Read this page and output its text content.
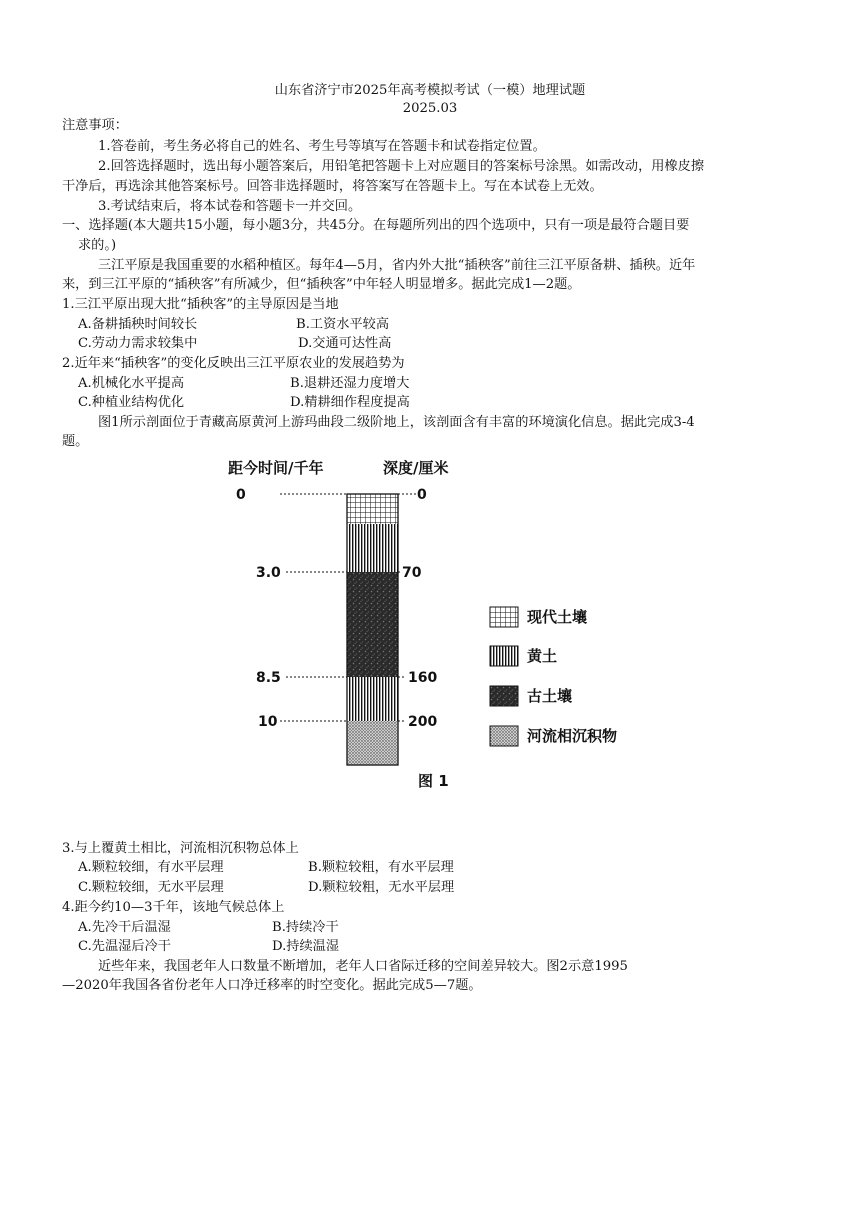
山东省济宁市2025年高考模拟考试（一模）地理试题
2025.03
注意事项：
1.答卷前，考生务必将自己的姓名、考生号等填写在答题卡和试卷指定位置。
2.回答选择题时，选出每小题答案后，用铅笔把答题卡上对应题目的答案标号涂黑。如需改动，用橡皮擦
干净后，再选涂其他答案标号。回答非选择题时，将答案写在答题卡上。写在本试卷上无效。
3.考试结束后，将本试卷和答题卡一并交回。
一、选择题(本大题共15小题，每小题3分，共45分。在每题所列出的四个选项中，只有一项是最符合题目要
求的。)
三江平原是我国重要的水稻种植区。每年4—5月，省内外大批“插秧客”前往三江平原备耕、插秧。近年
来，到三江平原的“插秧客”有所减少，但“插秧客”中年轻人明显增多。据此完成1—2题。
1.三江平原出现大批“插秧客”的主导原因是当地
A.备耕插秧时间较长	B.工资水平较高
C.劳动力需求较集中	D.交通可达性高
2.近年来“插秧客”的变化反映出三江平原农业的发展趋势为
A.机械化水平提高	B.退耕还湿力度增大
C.种植业结构优化	D.精耕细作程度提高
图1所示剖面位于青藏高原黄河上游玛曲段二级阶地上，该剖面含有丰富的环境演化信息。据此完成3-4
题。
距今时间/千年	深度/厘米
0
3.0
8.5
10
0
70
160
200
现代土壤
黄土
古土壤
河流相沉积物
图 1
3.与上覆黄土相比，河流相沉积物总体上
A.颗粒较细，有水平层理	B.颗粒较粗，有水平层理
C.颗粒较细，无水平层理	D.颗粒较粗，无水平层理
4.距今约10—3千年，该地气候总体上
A.先冷干后温湿	B.持续冷干
C.先温湿后冷干	D.持续温湿
近些年来，我国老年人口数量不断增加，老年人口省际迁移的空间差异较大。图2示意1995
—2020年我国各省份老年人口净迁移率的时空变化。据此完成5—7题。
